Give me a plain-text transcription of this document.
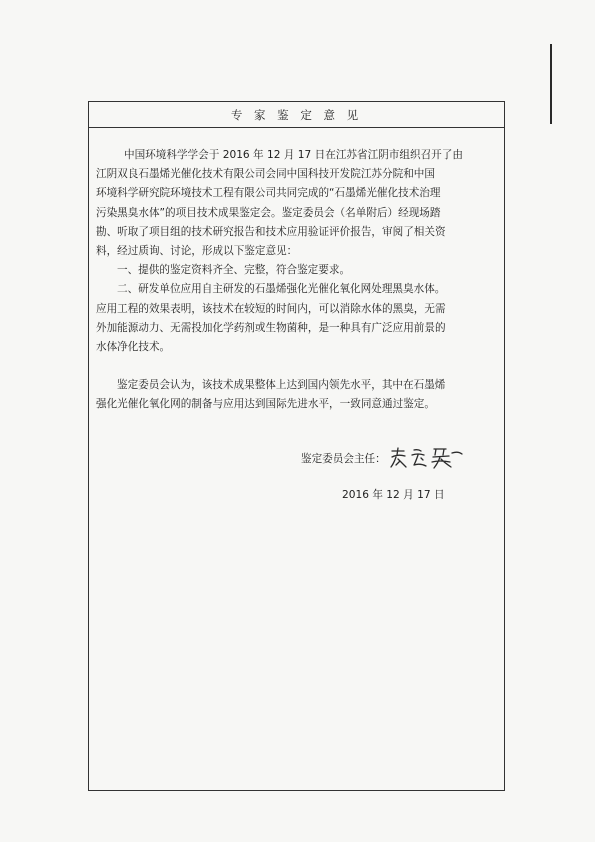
专 家 鉴 定 意 见
中国环境科学学会于 2016 年 12 月 17 日在江苏省江阴市组织召开了由
江阴双良石墨烯光催化技术有限公司会同中国科技开发院江苏分院和中国
环境科学研究院环境技术工程有限公司共同完成的“石墨烯光催化技术治理
污染黑臭水体”的项目技术成果鉴定会。鉴定委员会（名单附后）经现场踏
勘、听取了项目组的技术研究报告和技术应用验证评价报告，审阅了相关资
料，经过质询、讨论，形成以下鉴定意见：
一、提供的鉴定资料齐全、完整，符合鉴定要求。
二、研发单位应用自主研发的石墨烯强化光催化氧化网处理黑臭水体。
应用工程的效果表明，该技术在较短的时间内，可以消除水体的黑臭，无需
外加能源动力、无需投加化学药剂或生物菌种，是一种具有广泛应用前景的
水体净化技术。
鉴定委员会认为，该技术成果整体上达到国内领先水平，其中在石墨烯
强化光催化氧化网的制备与应用达到国际先进水平，一致同意通过鉴定。
鉴定委员会主任：
2016 年 12 月 17 日
